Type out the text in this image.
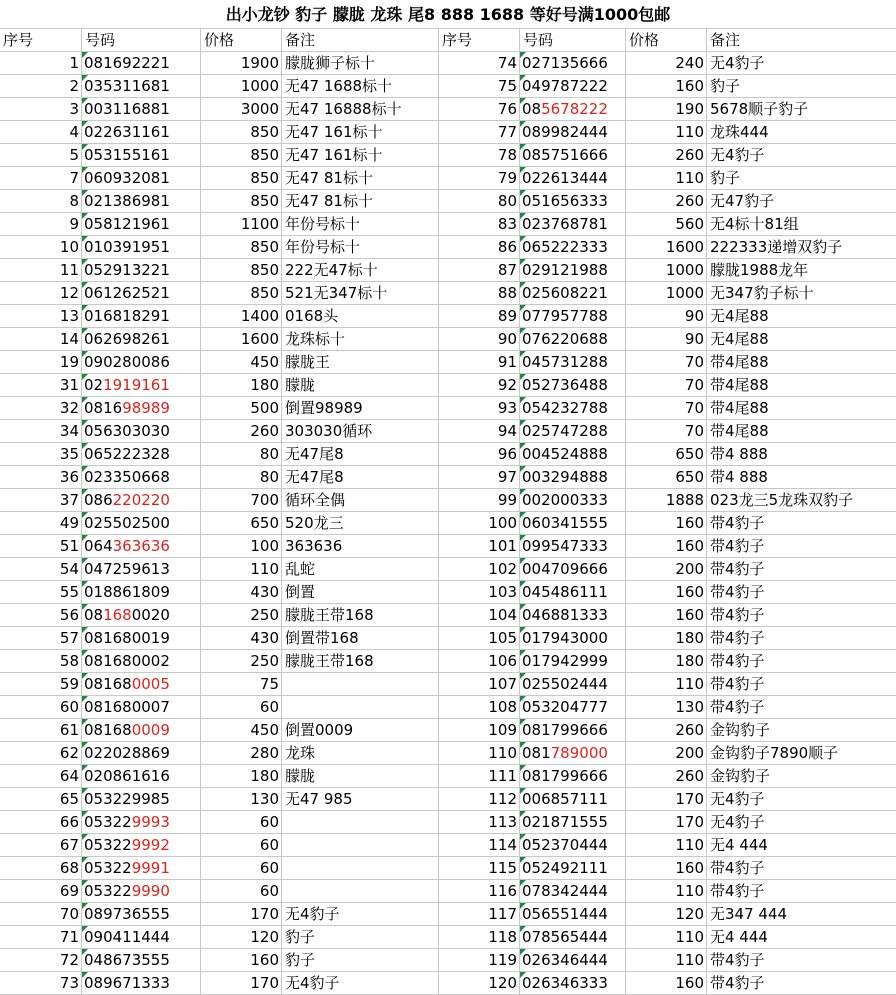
出小龙钞 豹子 朦胧 龙珠 尾8 888 1688 等好号满1000包邮
序号	号码	价格	备注	序号	号码	价格	备注
1 081692221	1900 朦胧狮子标十	74 027135666	240 无4豹子
2 035311681	1000 无47 1688标十	75 049787222	160 豹子
3 003116881	3000 无47 16888标十	76 085678222	190 5678顺子豹子
4 022631161	850 无47 161标十	77 089982444	110 龙珠444
5 053155161	850 无47 161标十	78 085751666	260 无4豹子
7 060932081	850 无47 81标十	79 022613444	110 豹子
8 021386981	850 无47 81标十	80 051656333	260 无47豹子
9 058121961	1100 年份号标十	83 023768781	560 无4标十81组
10 010391951	850 年份号标十	86 065222333	1600 222333递增双豹子
11 052913221	850 222无47标十	87 029121988	1000 朦胧1988龙年
12 061262521	850 521无347标十	88 025608221	1000 无347豹子标十
13 016818291	1400 0168头	89 077957788	90 无4尾88
14 062698261	1600 龙珠标十	90 076220688	90 无4尾88
19 090280086	450 朦胧王	91 045731288	70 带4尾88
31 021919161	180 朦胧	92 052736488	70 带4尾88
32 081698989	500 倒置98989	93 054232788	70 带4尾88
34 056303030	260 303030循环	94 025747288	70 带4尾88
35 065222328	80 无47尾8	96 004524888	650 带4 888
36 023350668	80 无47尾8	97 003294888	650 带4 888
37 086220220	700 循环全偶	99 002000333	1888 023龙三5龙珠双豹子
49 025502500	650 520龙三	100 060341555	160 带4豹子
51 064363636	100 363636	101 099547333	160 带4豹子
54 047259613	110 乱蛇	102 004709666	200 带4豹子
55 018861809	430 倒置	103 045486111	160 带4豹子
56 081680020	250 朦胧王带168	104 046881333	160 带4豹子
57 081680019	430 倒置带168	105 017943000	180 带4豹子
58 081680002	250 朦胧王带168	106 017942999	180 带4豹子
59 081680005	75	107 025502444	110 带4豹子
60 081680007	60	108 053204777	130 带4豹子
61 081680009	450 倒置0009	109 081799666	260 金钩豹子
62 022028869	280 龙珠	110 081789000	200 金钩豹子7890顺子
64 020861616	180 朦胧	111 081799666	260 金钩豹子
65 053229985	130 无47 985	112 006857111	170 无4豹子
66 053229993	60	113 021871555	170 无4豹子
67 053229992	60	114 052370444	110 无4 444
68 053229991	60	115 052492111	160 带4豹子
69 053229990	60	116 078342444	110 带4豹子
70 089736555	170 无4豹子	117 056551444	120 无347 444
71 090411444	120 豹子	118 078565444	110 无4 444
72 048673555	160 豹子	119 026346444	110 带4豹子
73 089671333	170 无4豹子	120 026346333	160 带4豹子
